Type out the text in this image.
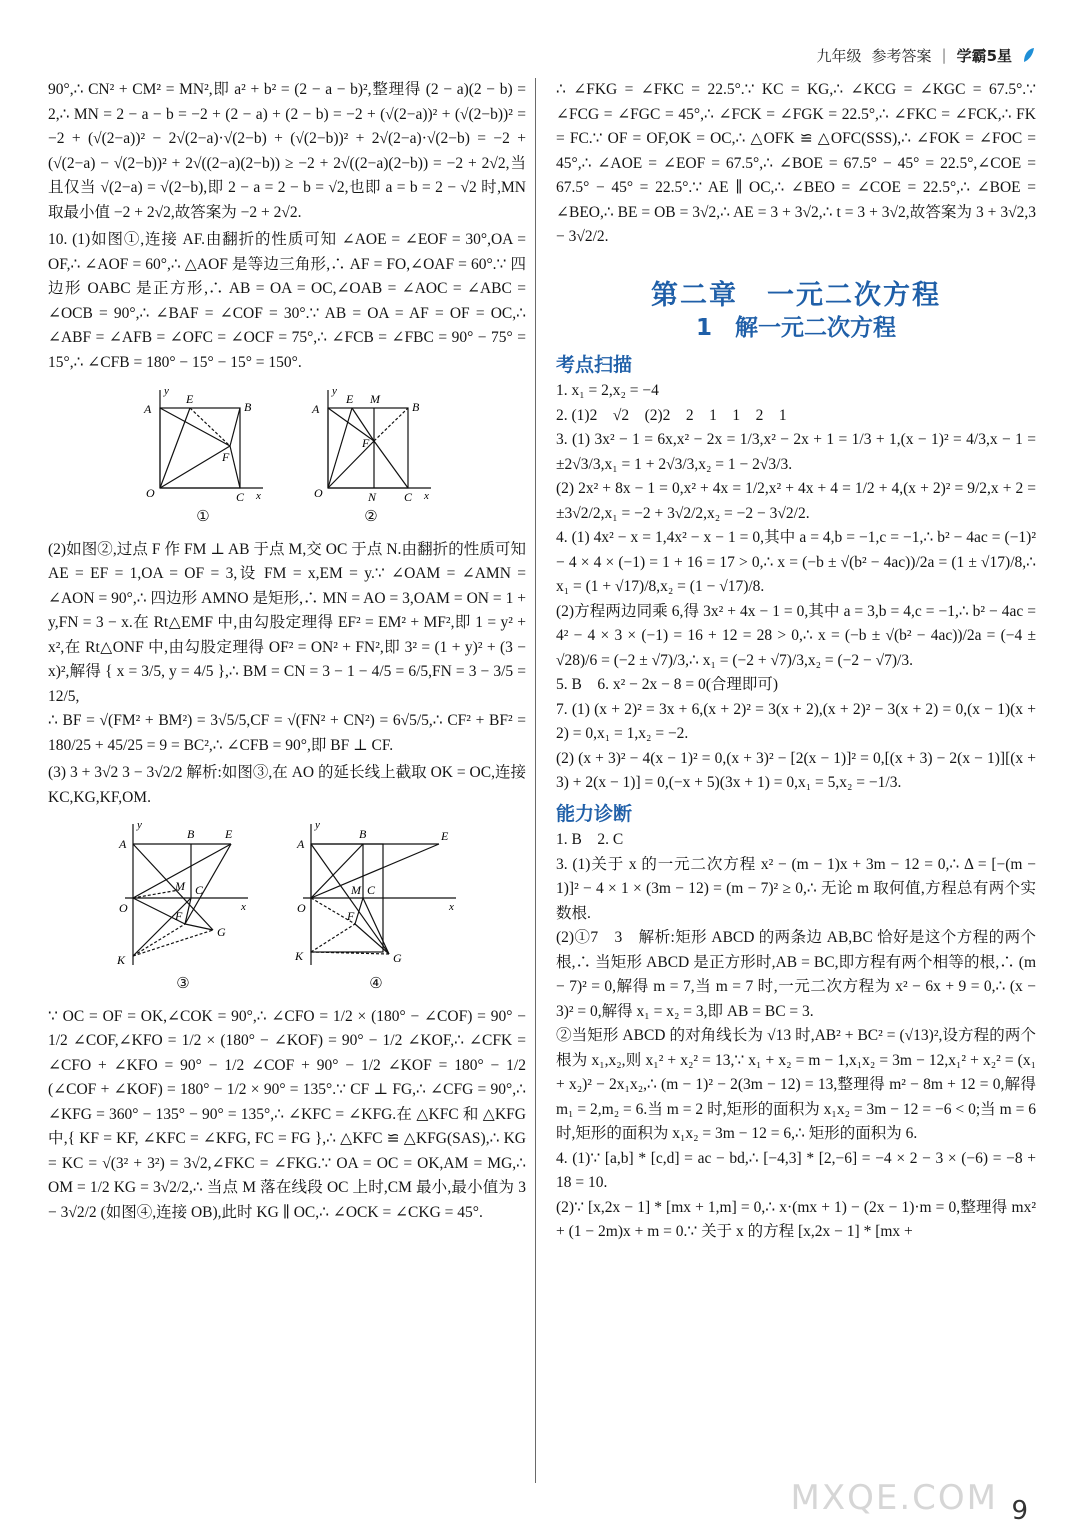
九年级 参考答案 | 学霸5星

90°,∴ CN² + CM² = MN²,即 a² + b² = (2 − a − b)²,整理得 (2 − a)(2 − b) = 2,∴ MN = 2 − a − b = −2 + (2 − a) + (2 − b) = −2 + (√(2−a))² + (√(2−b))² = −2 + (√(2−a))² − 2√(2−a)·√(2−b) + (√(2−b))² + 2√(2−a)·√(2−b) = −2 + (√(2−a) − √(2−b))² + 2√((2−a)(2−b)) ≥ −2 + 2√((2−a)(2−b)) = −2 + 2√2,当且仅当 √(2−a) = √(2−b),即 2 − a = 2 − b = √2,也即 a = b = 2 − √2 时,MN 取最小值 −2 + 2√2,故答案为 −2 + 2√2.

10. (1)如图①,连接 AF.由翻折的性质可知 ∠AOE = ∠EOF = 30°,OA = OF,∴ ∠AOF = 60°,∴ △AOF 是等边三角形,∴ AF = FO,∠OAF = 60°.∵ 四边形 OABC 是正方形,∴ AB = OA = OC,∠OAB = ∠AOC = ∠ABC = ∠OCB = 90°,∴ ∠BAF = ∠COF = 30°.∵ AB = OA = AF = OF = OC,∴ ∠ABF = ∠AFB = ∠OFC = ∠OCF = 75°,∴ ∠FCB = ∠FBC = 90° − 75° = 15°,∴ ∠CFB = 180° − 15° − 15° = 150°.

A	B
E
F
O	C x
y
①
A	B
E M
F
O	N C x
y
②

(2)如图②,过点 F 作 FM ⊥ AB 于点 M,交 OC 于点 N.由翻折的性质可知 AE = EF = 1,OA = OF = 3,设 FM = x,EM = y.∵ ∠OAM = ∠AMN = ∠AON = 90°,∴ 四边形 AMNO 是矩形,∴ MN = AO = 3,OAM = ON = 1 + y,FN = 3 − x.在 Rt△EMF 中,由勾股定理得 EF² = EM² + MF²,即 1 = y² + x²,在 Rt△ONF 中,由勾股定理得 OF² = ON² + FN²,即 3² = (1 + y)² + (3 − x)²,解得 { x = 3/5, y = 4/5 },∴ BM = CN = 3 − 1 − 4/5 = 6/5,FN = 3 − 3/5 = 12/5,

∴ BF = √(FM² + BM²) = 3√5/5,CF = √(FN² + CN²) = 6√5/5,∴ CF² + BF² = 180/25 + 45/25 = 9 = BC²,∴ ∠CFB = 90°,即 BF ⊥ CF.

(3) 3 + 3√2 3 − 3√2/2 解析:如图③,在 AO 的延长线上截取 OK = OC,连接 KC,KG,KF,OM.

A
B	E
M C
O
F
G
K
x
y
③
A
B	E
M C
O
F
G
K
x
y
④

∵ OC = OF = OK,∠COK = 90°,∴ ∠CFO = 1/2 × (180° − ∠COF) = 90° − 1/2 ∠COF,∠KFO = 1/2 × (180° − ∠KOF) = 90° − 1/2 ∠KOF,∴ ∠CFK = ∠CFO + ∠KFO = 90° − 1/2 ∠COF + 90° − 1/2 ∠KOF = 180° − 1/2 (∠COF + ∠KOF) = 180° − 1/2 × 90° = 135°.∵ CF ⊥ FG,∴ ∠CFG = 90°,∴ ∠KFG = 360° − 135° − 90° = 135°,∴ ∠KFC = ∠KFG.在 △KFC 和 △KFG 中,{ KF = KF, ∠KFC = ∠KFG, FC = FG },∴ △KFC ≌ △KFG(SAS),∴ KG = KC = √(3² + 3²) = 3√2,∠FKC = ∠FKG.∵ OA = OC = OK,AM = MG,∴ OM = 1/2 KG = 3√2/2,∴ 当点 M 落在线段 OC 上时,CM 最小,最小值为 3 − 3√2/2 (如图④,连接 OB),此时 KG ∥ OC,∴ ∠OCK = ∠CKG = 45°.

∴ ∠FKG = ∠FKC = 22.5°.∵ KC = KG,∴ ∠KCG = ∠KGC = 67.5°.∵ ∠FCG = ∠FGC = 45°,∴ ∠FCK = ∠FGK = 22.5°,∴ ∠FKC = ∠FCK,∴ FK = FC.∵ OF = OF,OK = OC,∴ △OFK ≌ △OFC(SSS),∴ ∠FOK = ∠FOC = 45°,∴ ∠AOE = ∠EOF = 67.5°,∴ ∠BOE = 67.5° − 45° = 22.5°,∠COE = 67.5° − 45° = 22.5°.∵ AE ∥ OC,∴ ∠BEO = ∠COE = 22.5°,∴ ∠BOE = ∠BEO,∴ BE = OB = 3√2,∴ AE = 3 + 3√2,∴ t = 3 + 3√2,故答案为 3 + 3√2,3 − 3√2/2.

第二章　一元二次方程
1　解一元二次方程
考点扫描

1. x₁ = 2,x₂ = −4

2. (1)2　√2　(2)2　2　1　1　2　1

3. (1) 3x² − 1 = 6x,x² − 2x = 1/3,x² − 2x + 1 = 1/3 + 1,(x − 1)² = 4/3,x − 1 = ±2√3/3,x₁ = 1 + 2√3/3,x₂ = 1 − 2√3/3.

(2) 2x² + 8x − 1 = 0,x² + 4x = 1/2,x² + 4x + 4 = 1/2 + 4,(x + 2)² = 9/2,x + 2 = ±3√2/2,x₁ = −2 + 3√2/2,x₂ = −2 − 3√2/2.

4. (1) 4x² − x = 1,4x² − x − 1 = 0,其中 a = 4,b = −1,c = −1,∴ b² − 4ac = (−1)² − 4 × 4 × (−1) = 1 + 16 = 17 > 0,∴ x = (−b ± √(b² − 4ac))/2a = (1 ± √17)/8,∴ x₁ = (1 + √17)/8,x₂ = (1 − √17)/8.

(2)方程两边同乘 6,得 3x² + 4x − 1 = 0,其中 a = 3,b = 4,c = −1,∴ b² − 4ac = 4² − 4 × 3 × (−1) = 16 + 12 = 28 > 0,∴ x = (−b ± √(b² − 4ac))/2a = (−4 ± √28)/6 = (−2 ± √7)/3,∴ x₁ = (−2 + √7)/3,x₂ = (−2 − √7)/3.

5. B　6. x² − 2x − 8 = 0(合理即可)

7. (1) (x + 2)² = 3x + 6,(x + 2)² = 3(x + 2),(x + 2)² − 3(x + 2) = 0,(x − 1)(x + 2) = 0,x₁ = 1,x₂ = −2.

(2) (x + 3)² − 4(x − 1)² = 0,(x + 3)² − [2(x − 1)]² = 0,[(x + 3) − 2(x − 1)][(x + 3) + 2(x − 1)] = 0,(−x + 5)(3x + 1) = 0,x₁ = 5,x₂ = −1/3.

能力诊断

1. B　2. C

3. (1)关于 x 的一元二次方程 x² − (m − 1)x + 3m − 12 = 0,∴ Δ = [−(m − 1)]² − 4 × 1 × (3m − 12) = (m − 7)² ≥ 0,∴ 无论 m 取何值,方程总有两个实数根.

(2)①7　3　解析:矩形 ABCD 的两条边 AB,BC 恰好是这个方程的两个根,∴ 当矩形 ABCD 是正方形时,AB = BC,即方程有两个相等的根,∴ (m − 7)² = 0,解得 m = 7,当 m = 7 时,一元二次方程为 x² − 6x + 9 = 0,∴ (x − 3)² = 0,解得 x₁ = x₂ = 3,即 AB = BC = 3.

②当矩形 ABCD 的对角线长为 √13 时,AB² + BC² = (√13)²,设方程的两个根为 x₁,x₂,则 x₁² + x₂² = 13,∵ x₁ + x₂ = m − 1,x₁x₂ = 3m − 12,x₁² + x₂² = (x₁ + x₂)² − 2x₁x₂,∴ (m − 1)² − 2(3m − 12) = 13,整理得 m² − 8m + 12 = 0,解得 m₁ = 2,m₂ = 6.当 m = 2 时,矩形的面积为 x₁x₂ = 3m − 12 = −6 < 0;当 m = 6 时,矩形的面积为 x₁x₂ = 3m − 12 = 6,∴ 矩形的面积为 6.

4. (1)∵ [a,b] * [c,d] = ac − bd,∴ [−4,3] * [2,−6] = −4 × 2 − 3 × (−6) = −8 + 18 = 10.

(2)∵ [x,2x − 1] * [mx + 1,m] = 0,∴ x·(mx + 1) − (2x − 1)·m = 0,整理得 mx² + (1 − 2m)x + m = 0.∵ 关于 x 的方程 [x,2x − 1] * [mx +

MXQE.COM 9
